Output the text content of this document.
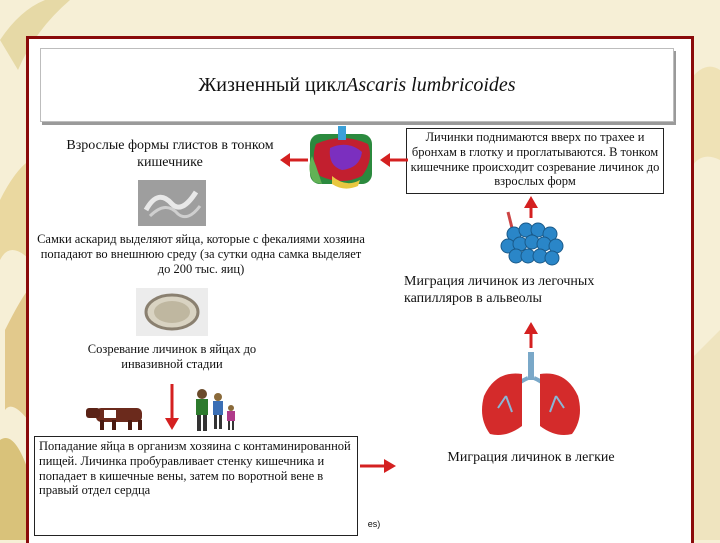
Жизненный цикл Ascaris lumbricoides
Взрослые формы глистов в тонком кишечнике
Самки аскарид выделяют яйца, которые с фекалиями хозяина попадают во внешнюю среду (за сутки одна самка выделяет до 200 тыс. яиц)
Созревание личинок в яйцах до инвазивной стадии
Попадание яйца в организм хозяина с контаминированной пищей. Личинка пробуравливает стенку кишечника и попадает в кишечные вены, затем по воротной вене в правый отдел сердца
es)
Личинки поднимаются вверх по трахее и бронхам в глотку и проглатываются. В тонком кишечнике происходит созревание личинок до взрослых форм
Миграция личинок из легочных капилляров в альвеолы
Миграция личинок в легкие
